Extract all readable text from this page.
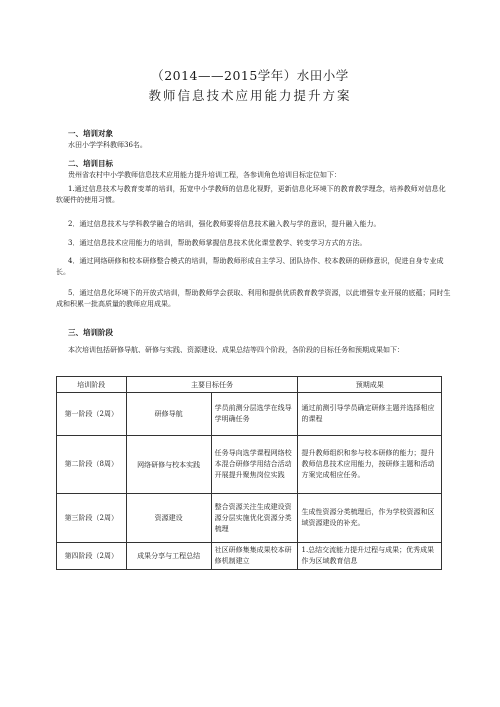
（2014——2015学年）水田小学
教师信息技术应用能力提升方案
一、培训对象
水田小学学科教师36名。
二、培训目标
贵州省农村中小学教师信息技术应用能力提升培训工程，各参训角色培训目标定位如下：
1.通过信息技术与教育变革的培训，拓宽中小学教师的信息化视野，更新信息化环境下的教育教学理念，培养教师对信息化软硬件的使用习惯。
2．通过信息技术与学科教学融合的培训，强化教师要将信息技术融入教与学的意识，提升融入能力。
3．通过信息技术应用能力的培训，帮助教师掌握信息技术优化课堂教学、转变学习方式的方法。
4．通过网络研修和校本研修整合模式的培训，帮助教师形成自主学习、团队协作、校本教研的研修意识，促进自身专业成长。
5．通过信息化环境下的开放式培训，帮助教师学会获取、利用和提供优质教育教学资源，以此增强专业开展的底蕴；同时生成和积累一批高质量的教师应用成果。
三、培训阶段
本次培训包括研修导航、研修与实践、资源建设、成果总结等四个阶段，各阶段的目标任务和预期成果如下：
培训阶段	主要目标任务		预期成果
第一阶段（2周）	研修导航	学员前测分层选学在线导学明确任务	通过前测引导学员确定研修主题并选择相应的课程
第二阶段（8周）	网络研修与校本实践	任务导向选学课程网络校本混合研修学用结合活动开展提升聚焦岗位实践	提升教师组织和参与校本研修的能力；提升教师信息技术应用能力，按研修主题和活动方案完成相应任务。
第三阶段（2周）	资源建设	整合资源关注生成建设资源分层实施优化资源分类梳理	生成性资源分类梳理后，作为学校资源和区域资源建设的补充。
第四阶段（2周）	成果分享与工程总结	社区研修集集成果校本研修机制建立	1.总结交流能力提升过程与成果；优秀成果作为区域教育信息
